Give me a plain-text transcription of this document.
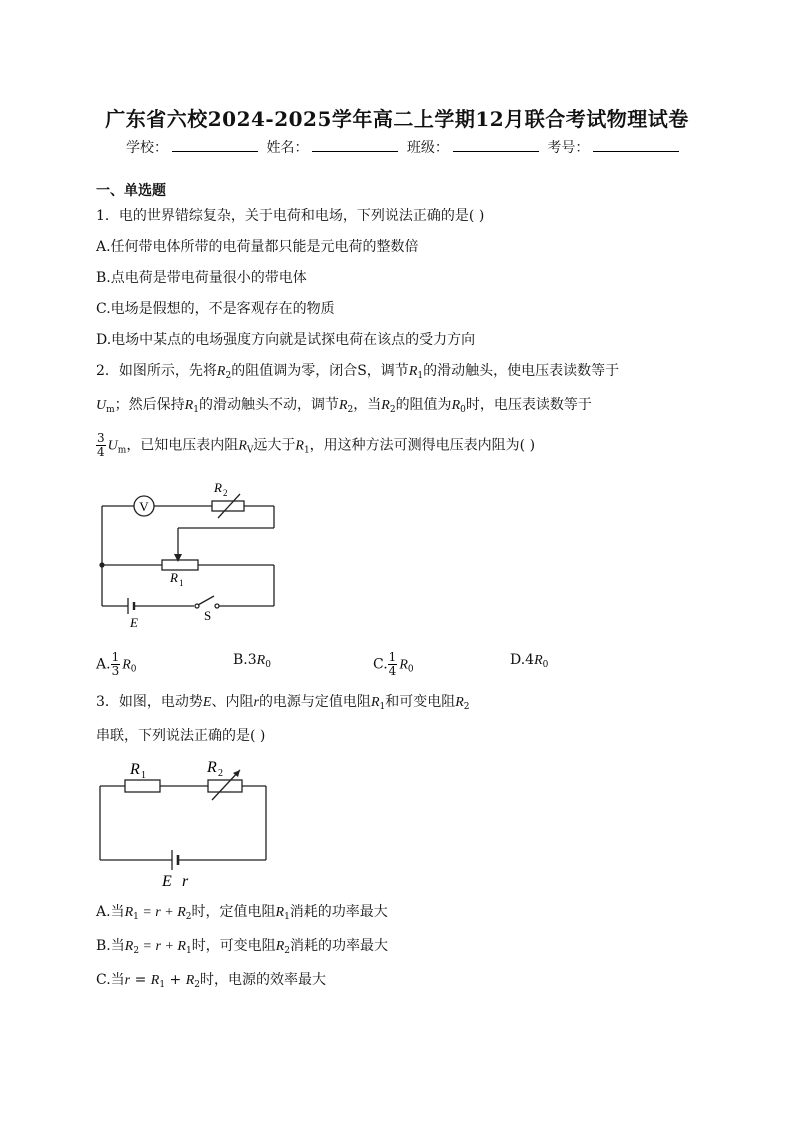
广东省六校2024-2025学年高二上学期12月联合考试物理试卷
学校：	姓名：	班级：	考号：
一、单选题
1．电的世界错综复杂，关于电荷和电场，下列说法正确的是( )
A.任何带电体所带的电荷量都只能是元电荷的整数倍
B.点电荷是带电荷量很小的带电体
C.电场是假想的，不是客观存在的物质
D.电场中某点的电场强度方向就是试探电荷在该点的受力方向
2．如图所示，先将$R_2$的阻值调为零，闭合S，调节$R_1$的滑动触头，使电压表读数等于
$U_m$；然后保持$R_1$的滑动触头不动，调节$R_2$，当$R_2$的阻值为$R_0$时，电压表读数等于
$\frac{3}{4} U_m$，已知电压表内阻$R_V$远大于$R_1$，用这种方法可测得电压表内阻为( )
V
R 2
R 1
E	S
A. $\frac{1}{3} R_0$
$B.3R_0$	C. $\frac{1}{4} R_0$
$D.4R_0$
3．如图，电动势E、内阻r的电源与定值电阻$R_1$和可变电阻$R_2$
串联，下列说法正确的是( )
R 1	R 2
E r
A.当$R_1 = r + R_2$时，定值电阻$R_1$消耗的功率最大
B.当$R_2 = r + R_1$时，可变电阻$R_2$消耗的功率最大
C.当$r = R_1 + R_2$时，电源的效率最大
